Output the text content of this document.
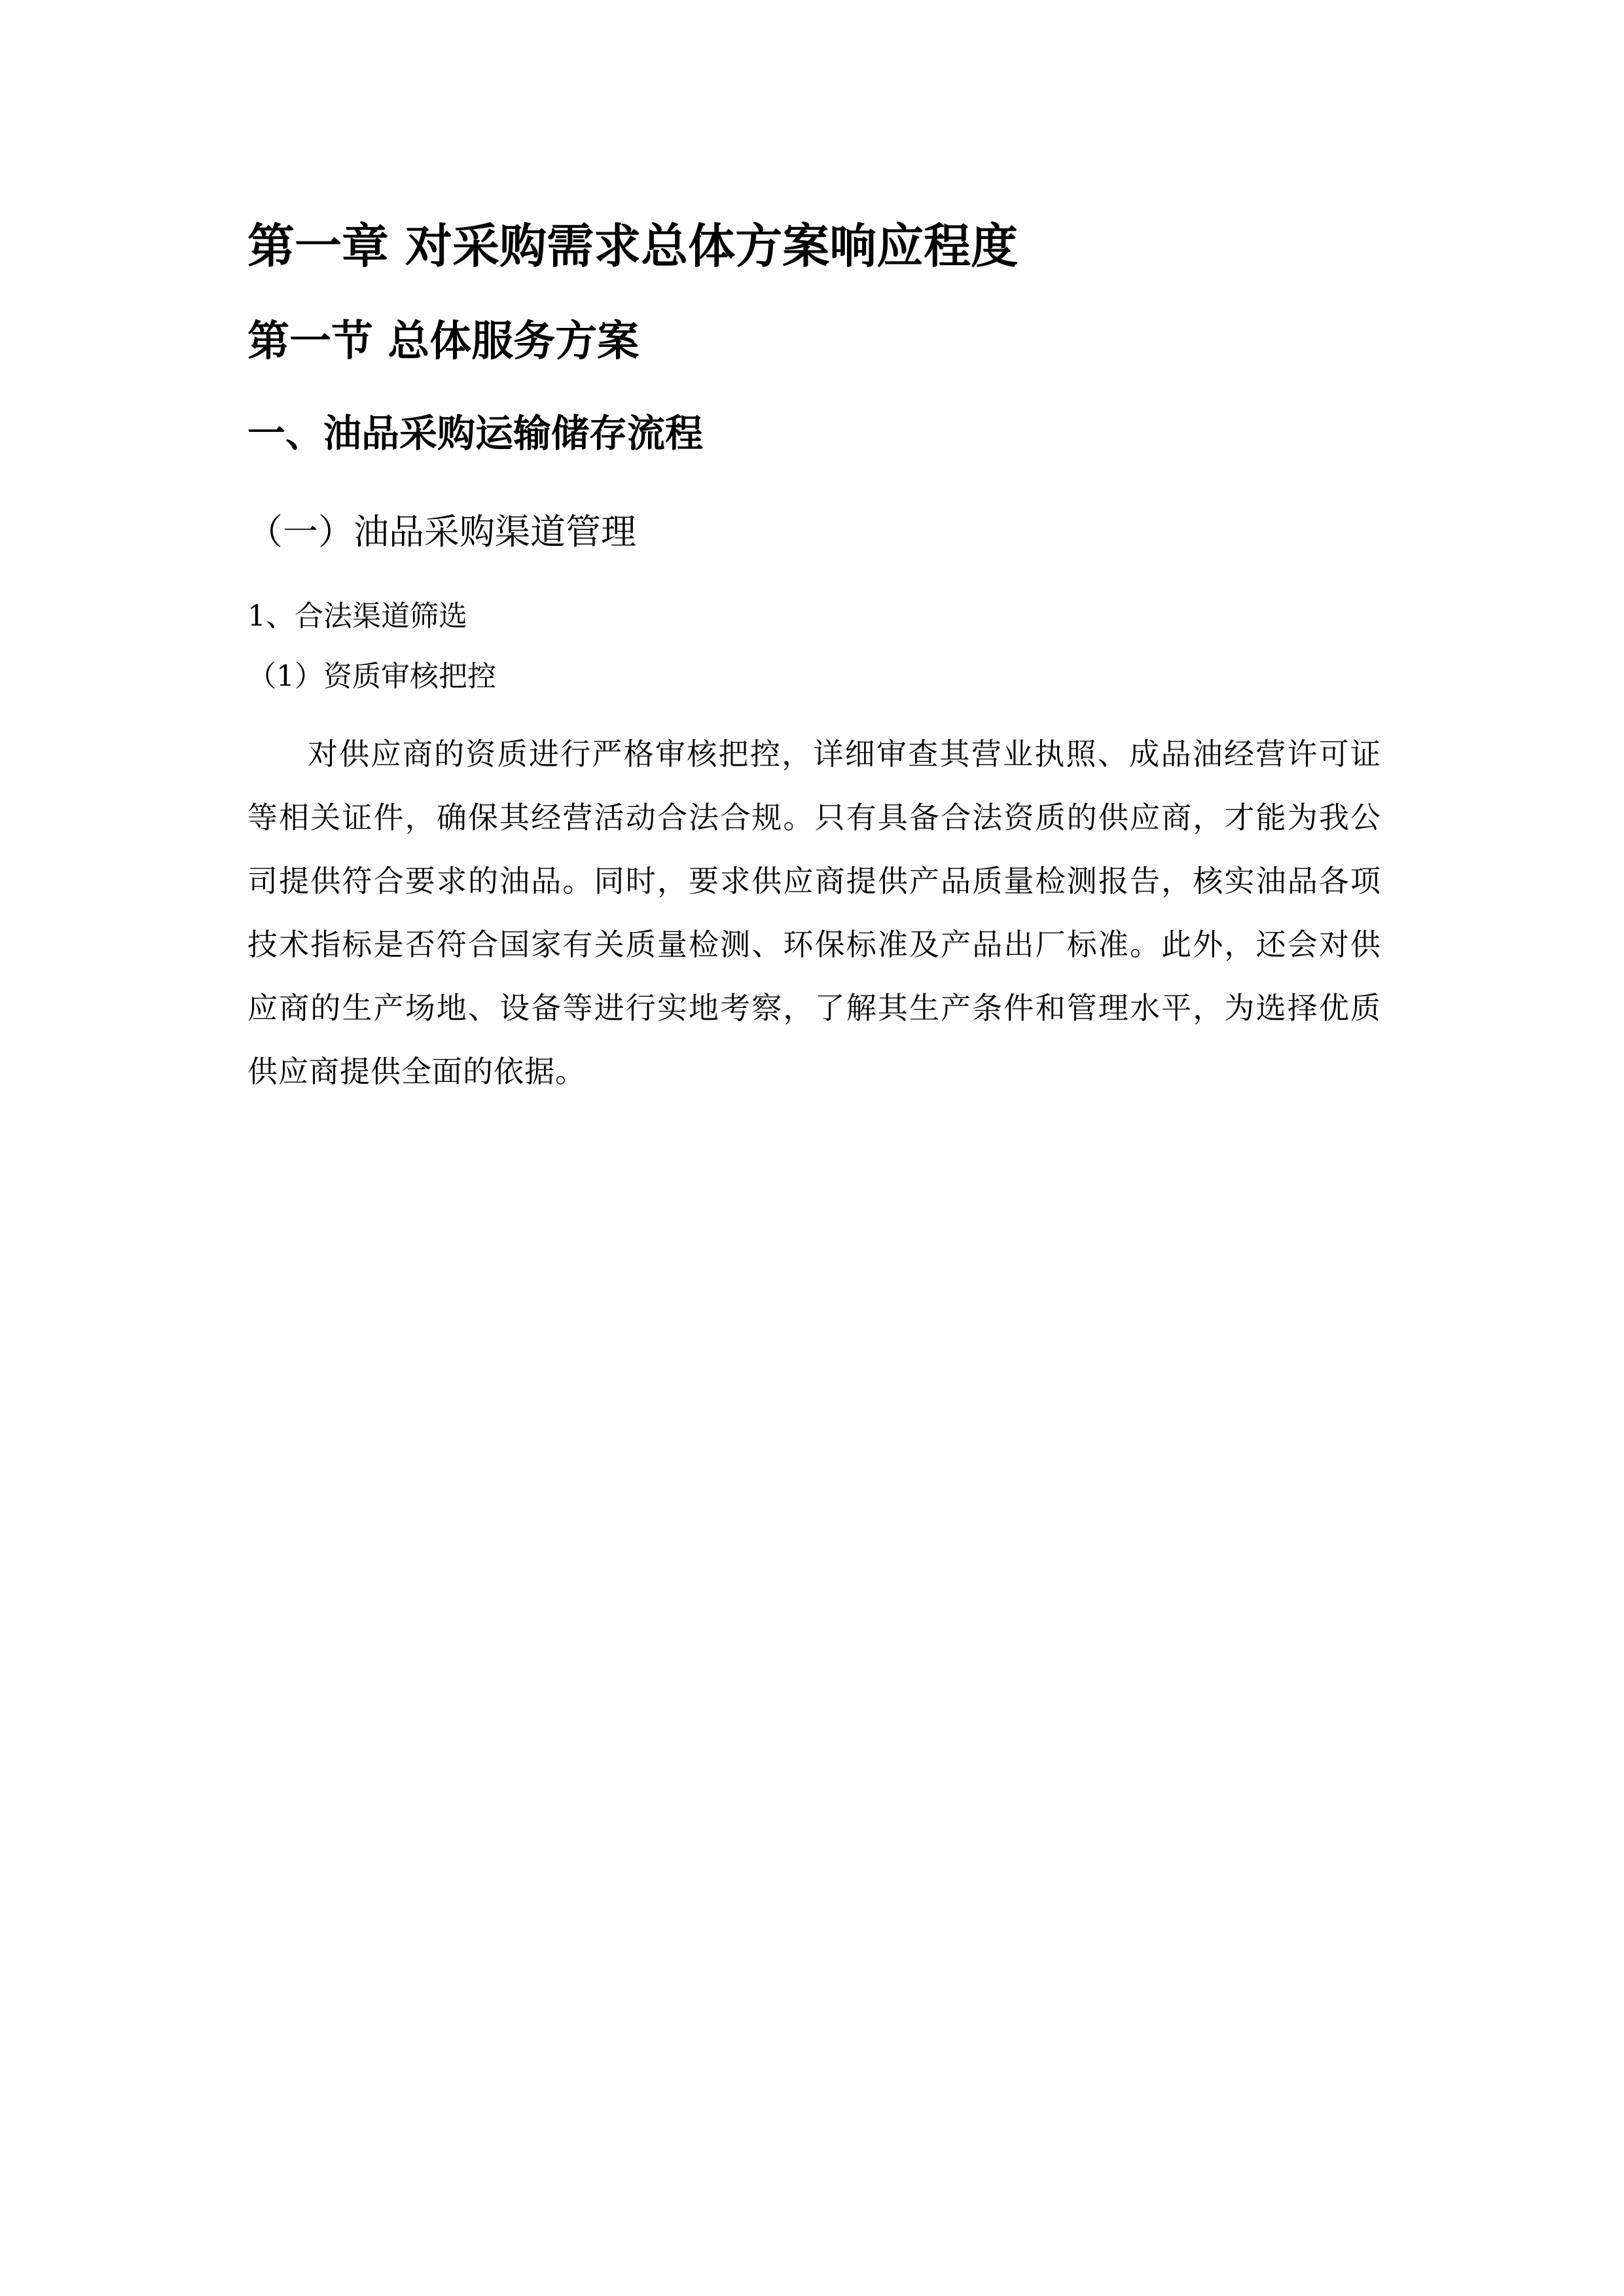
第一章 对采购需求总体方案响应程度
第一节 总体服务方案
一、油品采购运输储存流程
（一）油品采购渠道管理
1、合法渠道筛选
（1）资质审核把控

对供应商的资质进行严格审核把控，详细审查其营业执照、成品油经营许可证等相关证件，确保其经营活动合法合规。只有具备合法资质的供应商，才能为我公司提供符合要求的油品。同时，要求供应商提供产品质量检测报告，核实油品各项技术指标是否符合国家有关质量检测、环保标准及产品出厂标准。此外，还会对供应商的生产场地、设备等进行实地考察，了解其生产条件和管理水平，为选择优质供应商提供全面的依据。
